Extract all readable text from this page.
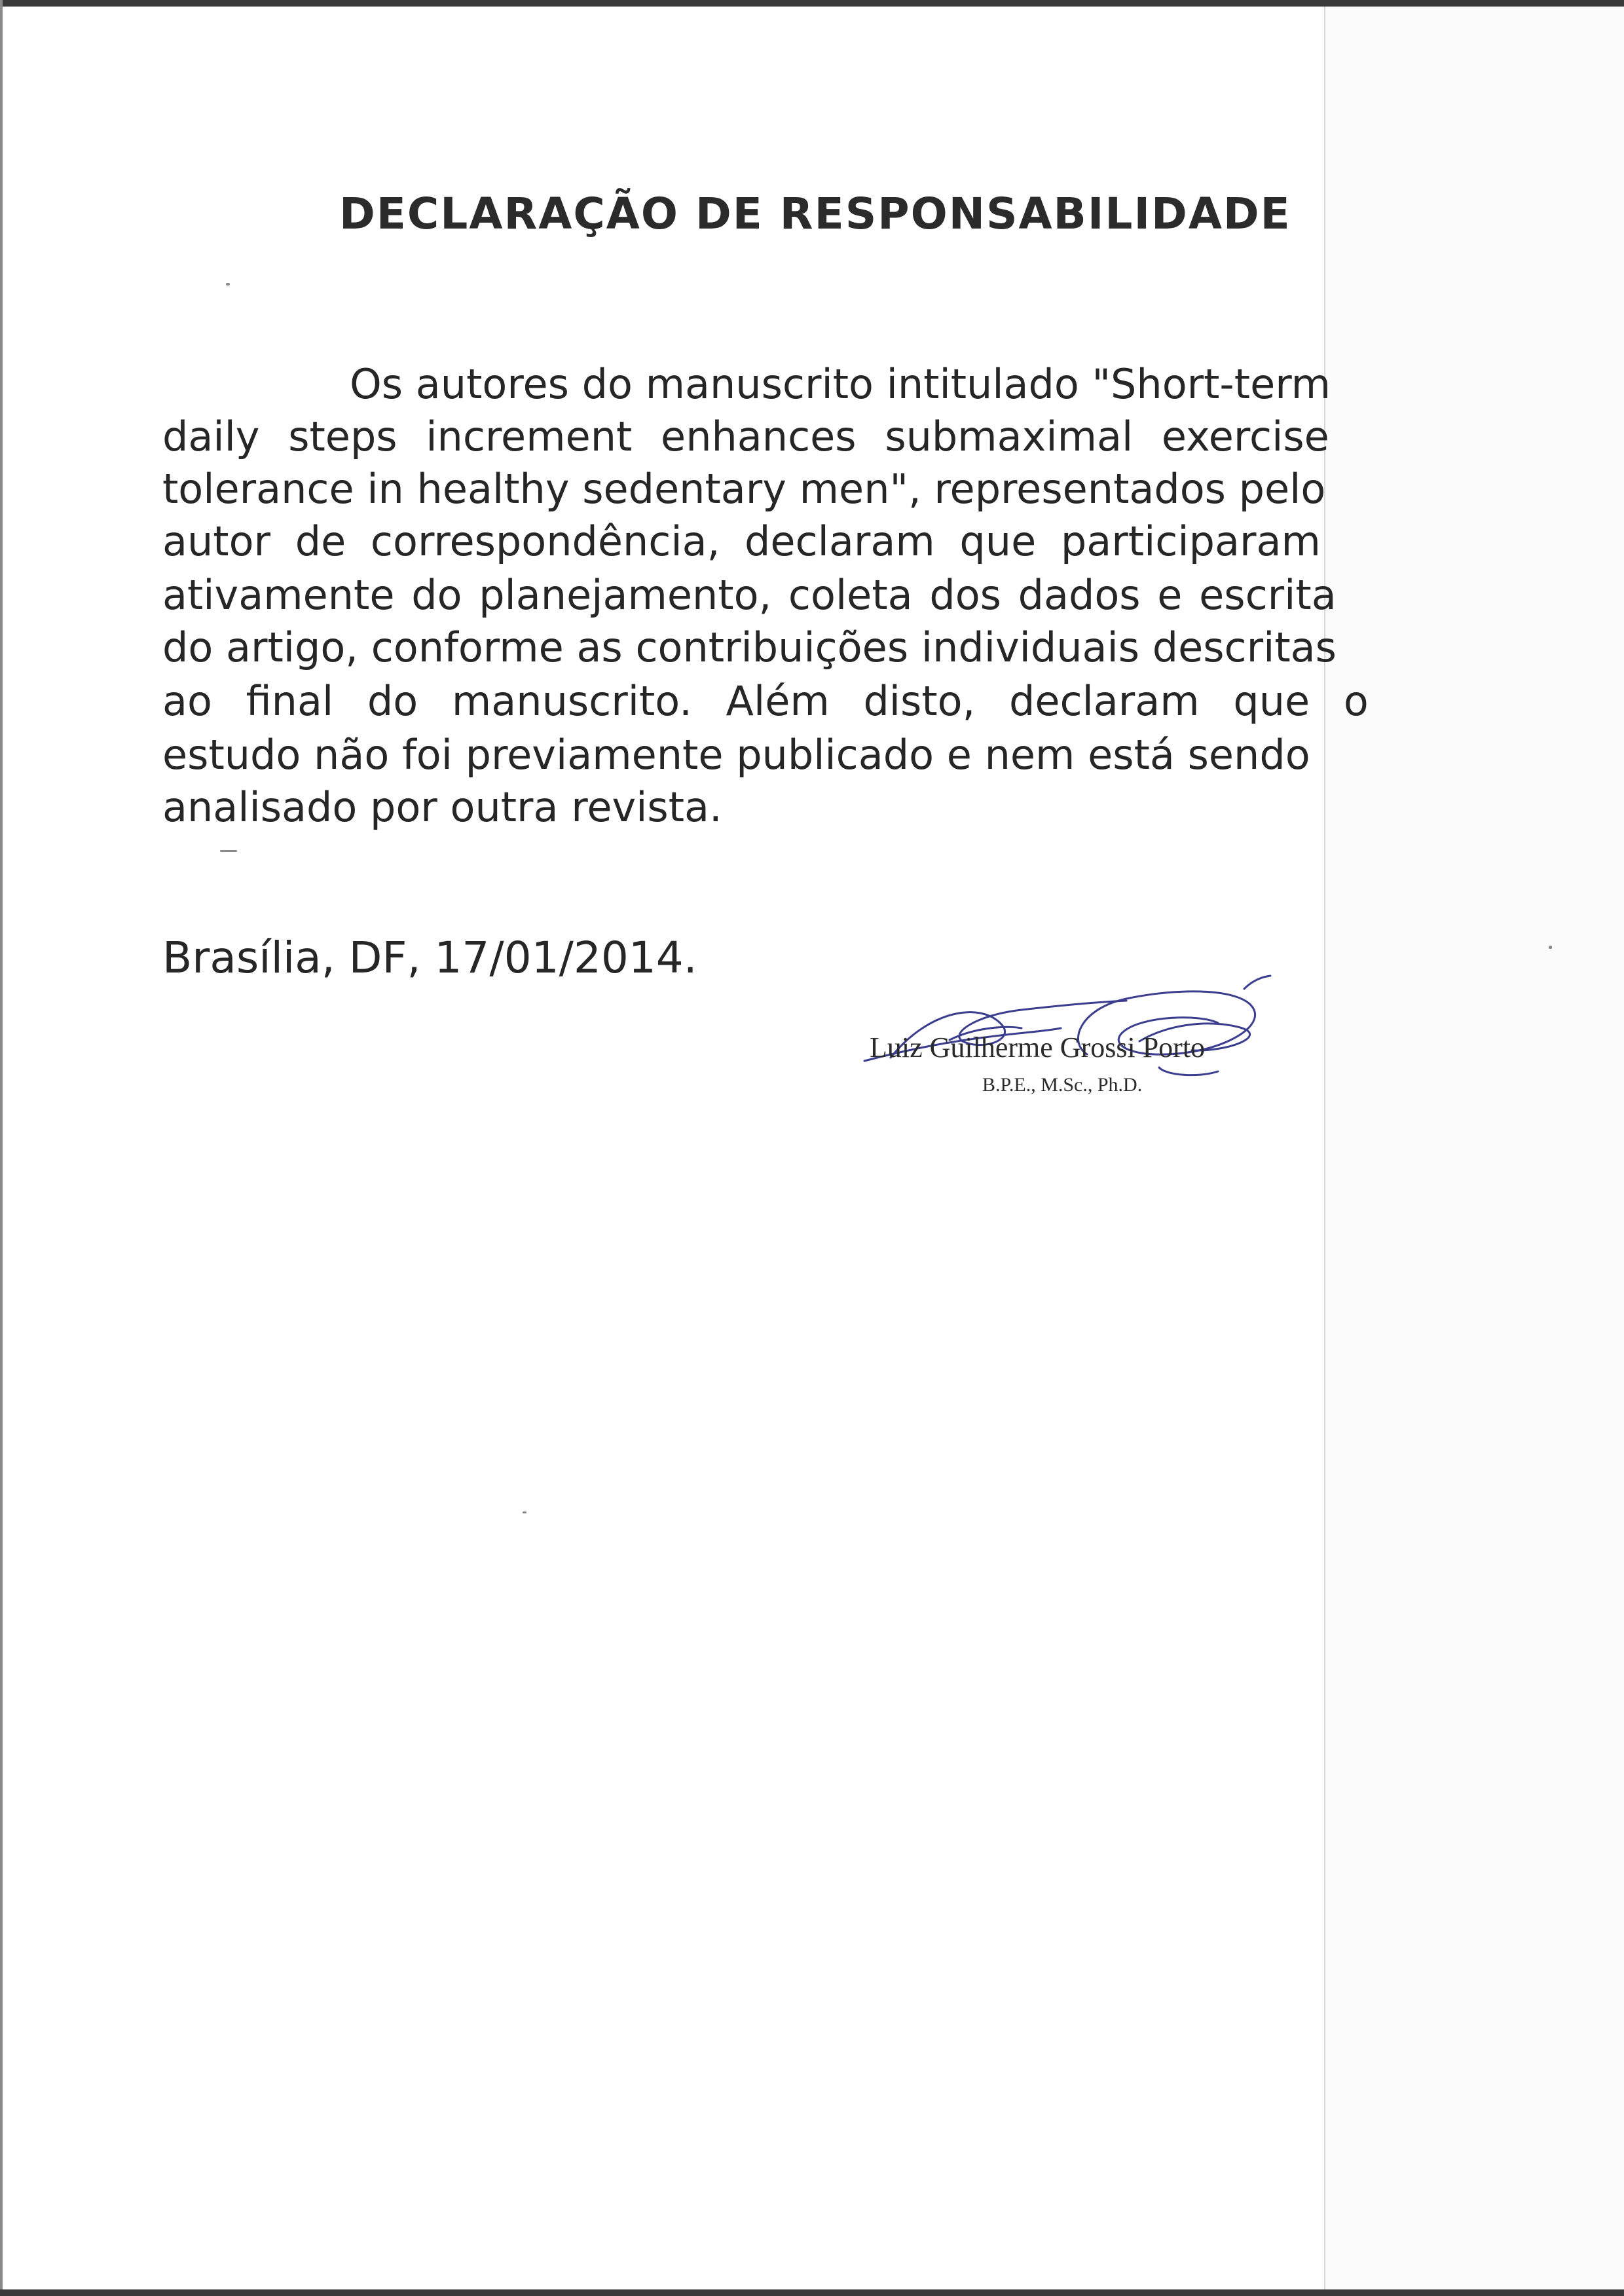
DECLARAÇÃO DE RESPONSABILIDADE
Os autores do manuscrito intitulado "Short-term
daily steps increment enhances submaximal exercise
tolerance in healthy sedentary men", representados pelo
autor de correspondência, declaram que participaram
ativamente do planejamento, coleta dos dados e escrita
do artigo, conforme as contribuições individuais descritas
ao final do manuscrito. Além disto, declaram que o
estudo não foi previamente publicado e nem está sendo
analisado por outra revista.
Brasília, DF, 17/01/2014.
Luiz Guilherme Grossi Porto
B.P.E., M.Sc., Ph.D.
